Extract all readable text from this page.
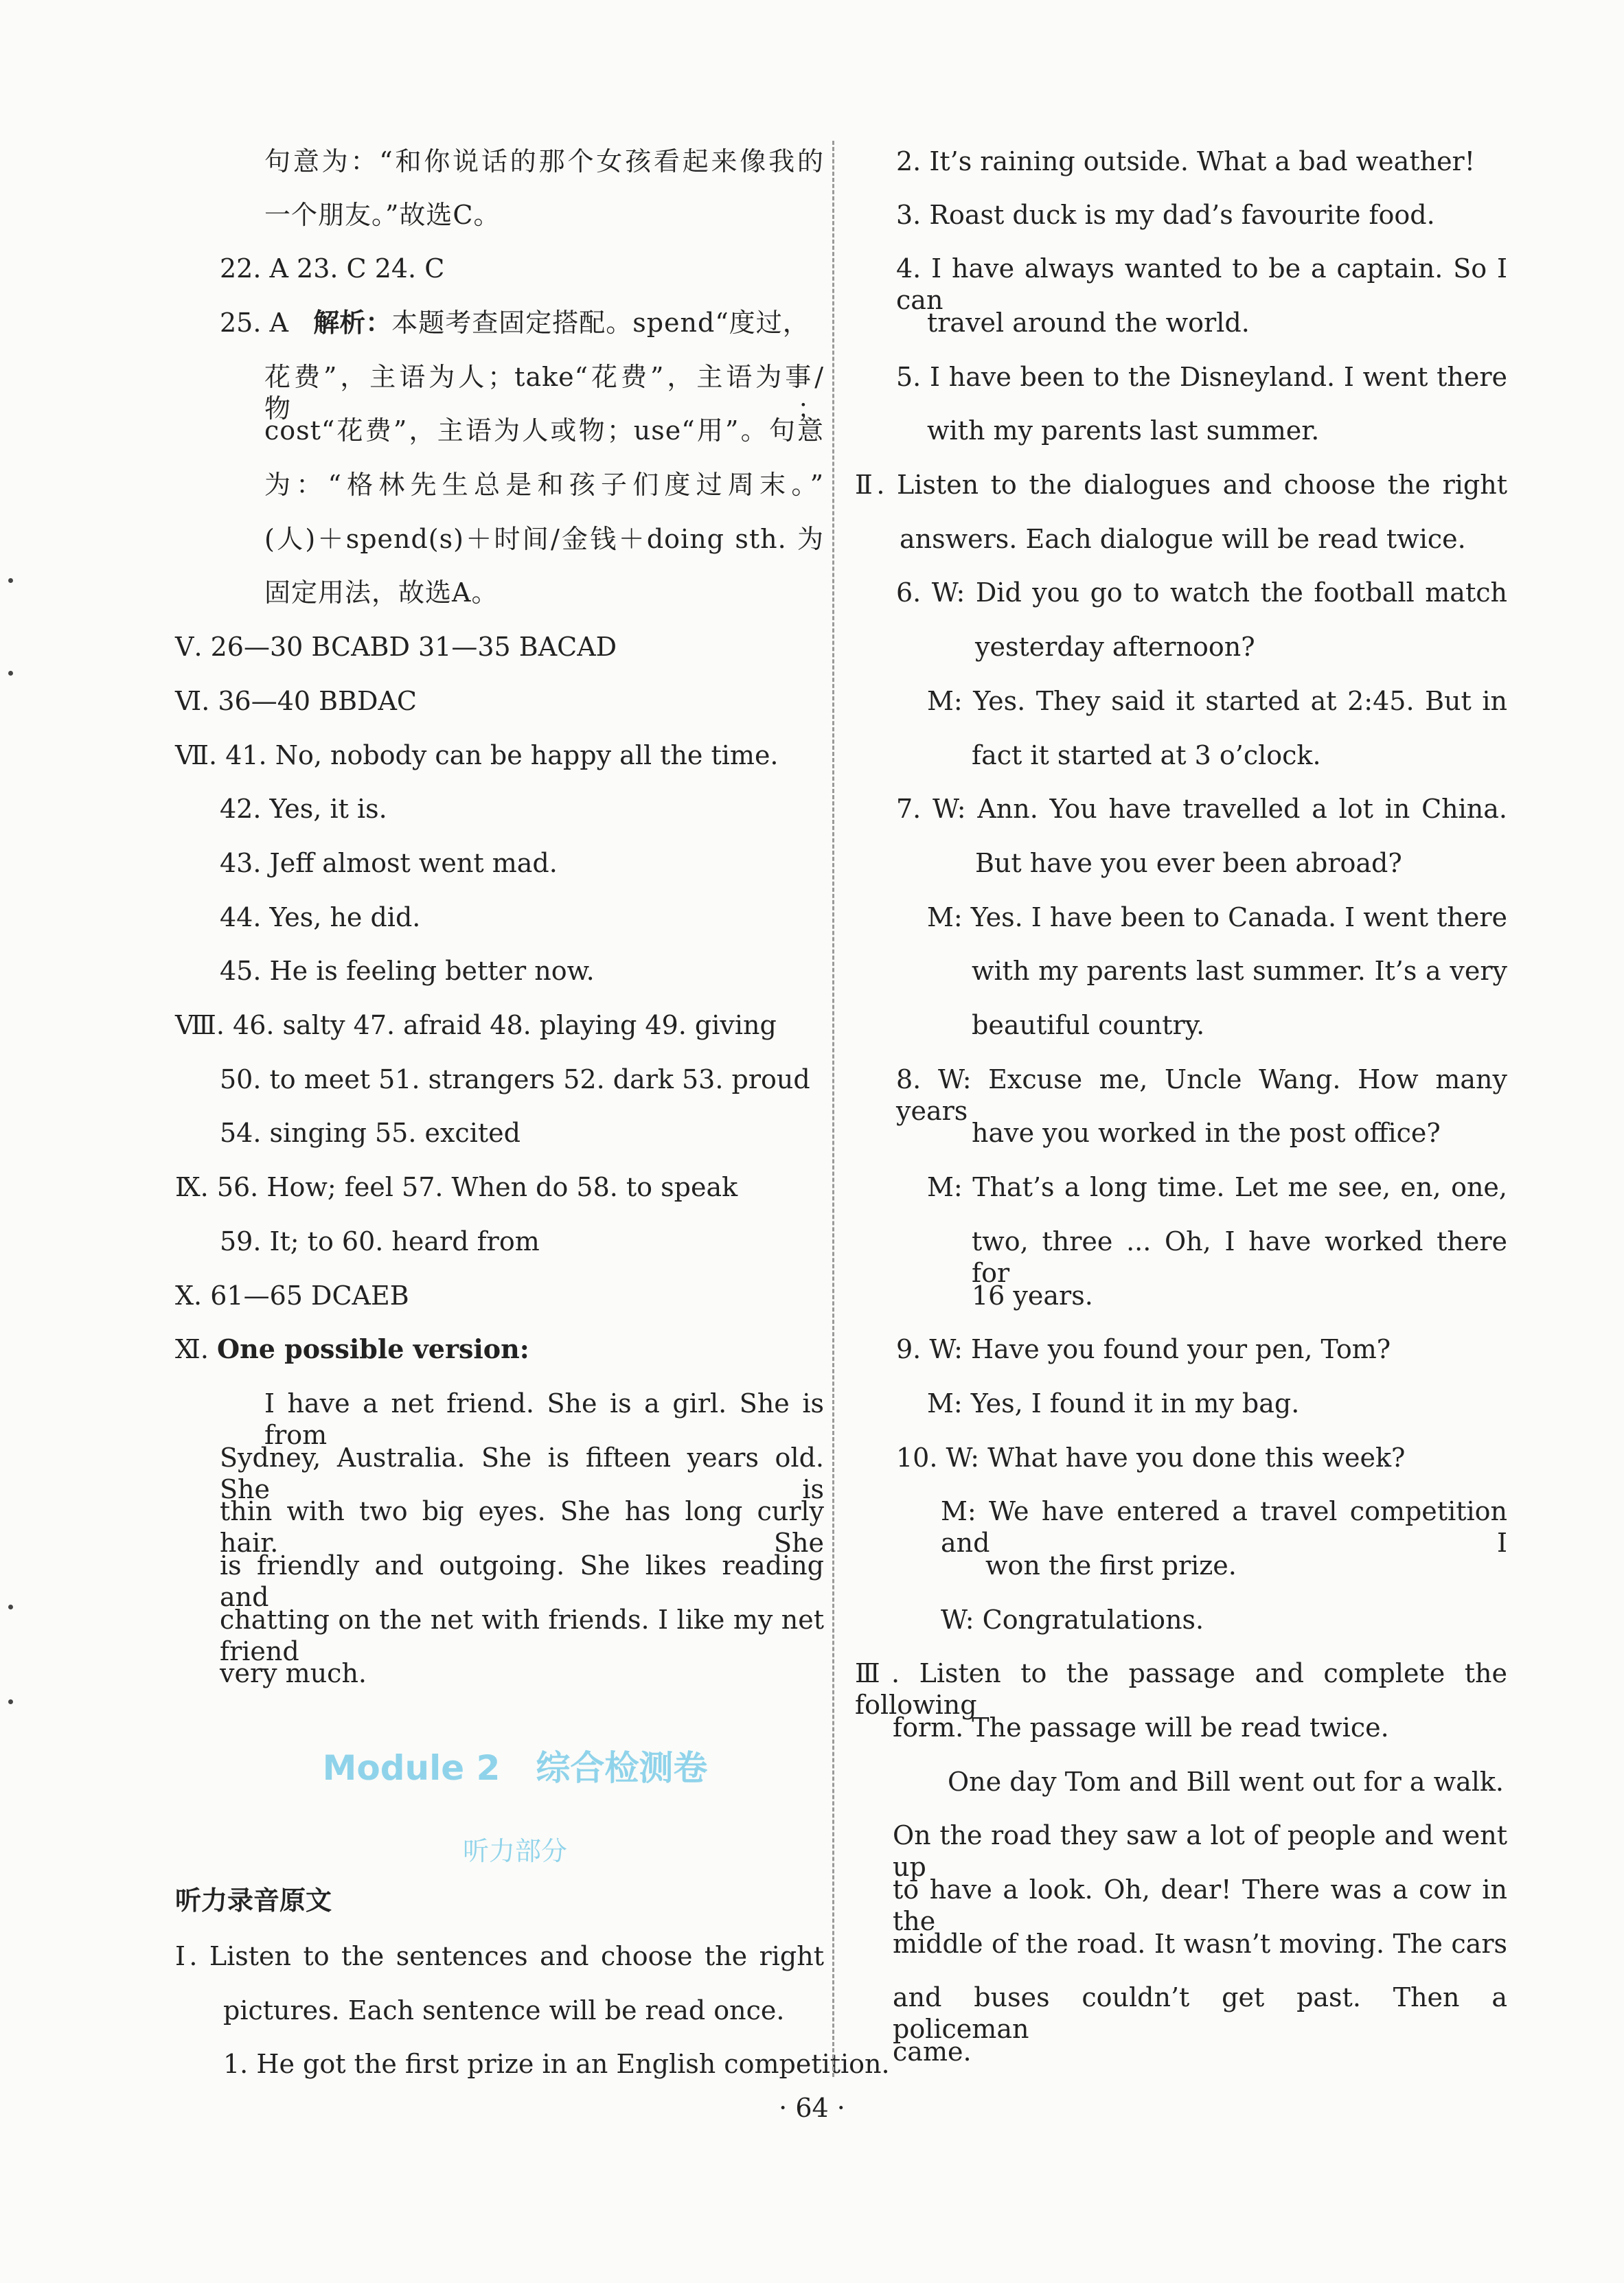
句意为：“和你说话的那个女孩看起来像我的
一个朋友。”故选C。
22. A 23. C 24. C
25. A 解析：本题考查固定搭配。spend“度过，
花费”，主语为人；take“花费”，主语为事/物；
cost“花费”，主语为人或物；use“用”。句意
为：“格林先生总是和孩子们度过周末。”
(人)＋spend(s)＋时间/金钱＋doing sth. 为
固定用法，故选A。
Ⅴ. 26—30 BCABD 31—35 BACAD
Ⅵ. 36—40 BBDAC
Ⅶ. 41. No, nobody can be happy all the time.
42. Yes, it is.
43. Jeff almost went mad.
44. Yes, he did.
45. He is feeling better now.
Ⅷ. 46. salty 47. afraid 48. playing 49. giving
50. to meet 51. strangers 52. dark 53. proud
54. singing 55. excited
Ⅸ. 56. How; feel 57. When do 58. to speak
59. It; to 60. heard from
Ⅹ. 61—65 DCAEB
Ⅺ. One possible version:
I have a net friend. She is a girl. She is from
Sydney, Australia. She is fifteen years old. She is
thin with two big eyes. She has long curly hair. She
is friendly and outgoing. She likes reading and
chatting on the net with friends. I like my net friend
very much.
Module 2 综合检测卷
听力部分
听力录音原文
Ⅰ. Listen to the sentences and choose the right
pictures. Each sentence will be read once.
1. He got the first prize in an English competition.
2. It’s raining outside. What a bad weather!
3. Roast duck is my dad’s favourite food.
4. I have always wanted to be a captain. So I can
travel around the world.
5. I have been to the Disneyland. I went there
with my parents last summer.
Ⅱ. Listen to the dialogues and choose the right
answers. Each dialogue will be read twice.
6. W: Did you go to watch the football match
yesterday afternoon?
M: Yes. They said it started at 2:45. But in
fact it started at 3 o’clock.
7. W: Ann. You have travelled a lot in China.
But have you ever been abroad?
M: Yes. I have been to Canada. I went there
with my parents last summer. It’s a very
beautiful country.
8. W: Excuse me, Uncle Wang. How many years
have you worked in the post office?
M: That’s a long time. Let me see, en, one,
two, three ... Oh, I have worked there for
16 years.
9. W: Have you found your pen, Tom?
M: Yes, I found it in my bag.
10. W: What have you done this week?
M: We have entered a travel competition and I
won the first prize.
W: Congratulations.
Ⅲ. Listen to the passage and complete the following
form. The passage will be read twice.
One day Tom and Bill went out for a walk.
On the road they saw a lot of people and went up
to have a look. Oh, dear! There was a cow in the
middle of the road. It wasn’t moving. The cars
and buses couldn’t get past. Then a policeman
came.
· 64 ·
